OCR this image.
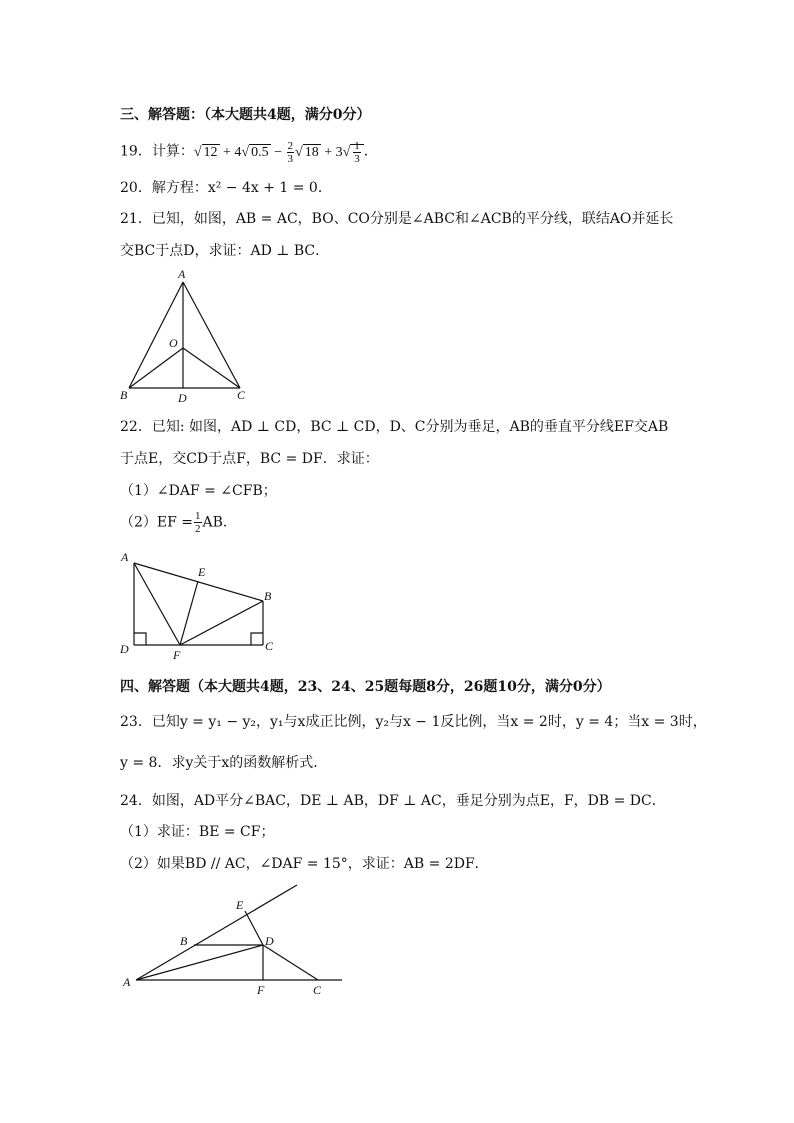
三、解答题：（本大题共4题，满分0分）
19．计算：√ 12 + 4√ $0.5 - \frac{2}{3}$ √ $18 + 3√ \frac{1}{3}$ ．
20．解方程：x² − 4x + 1 = 0．
21．已知，如图，AB = AC，BO、CO分别是∠ABC和∠ACB的平分线，联结AO并延长
交BC于点D，求证：AD ⊥ BC．
A
O
B	D	C
A
E
B
D	F
C
E
B	D
A
F	C
22．已知: 如图，AD ⊥ CD，BC ⊥ CD，D、C分别为垂足，AB的垂直平分线EF交AB
于点E，交CD于点F，BC = DF．求证：
（1）∠DAF = ∠CFB；
$(2)EF = \frac{1}{2}$ AB．
四、解答题（本大题共4题，23、24、25题每题8分，26题10分，满分0分）
23．已知y = y₁ − y₂，y₁与x成正比例，y₂与x − 1反比例，当x = 2时，y = 4；当x = 3时，
y = 8．求y关于x的函数解析式．
24．如图，AD平分∠BAC，DE ⊥ AB，DF ⊥ AC，垂足分别为点E，F，DB = DC．
（1）求证：BE = CF；
（2）如果BD // AC，∠DAF = 15°，求证：AB = 2DF．
